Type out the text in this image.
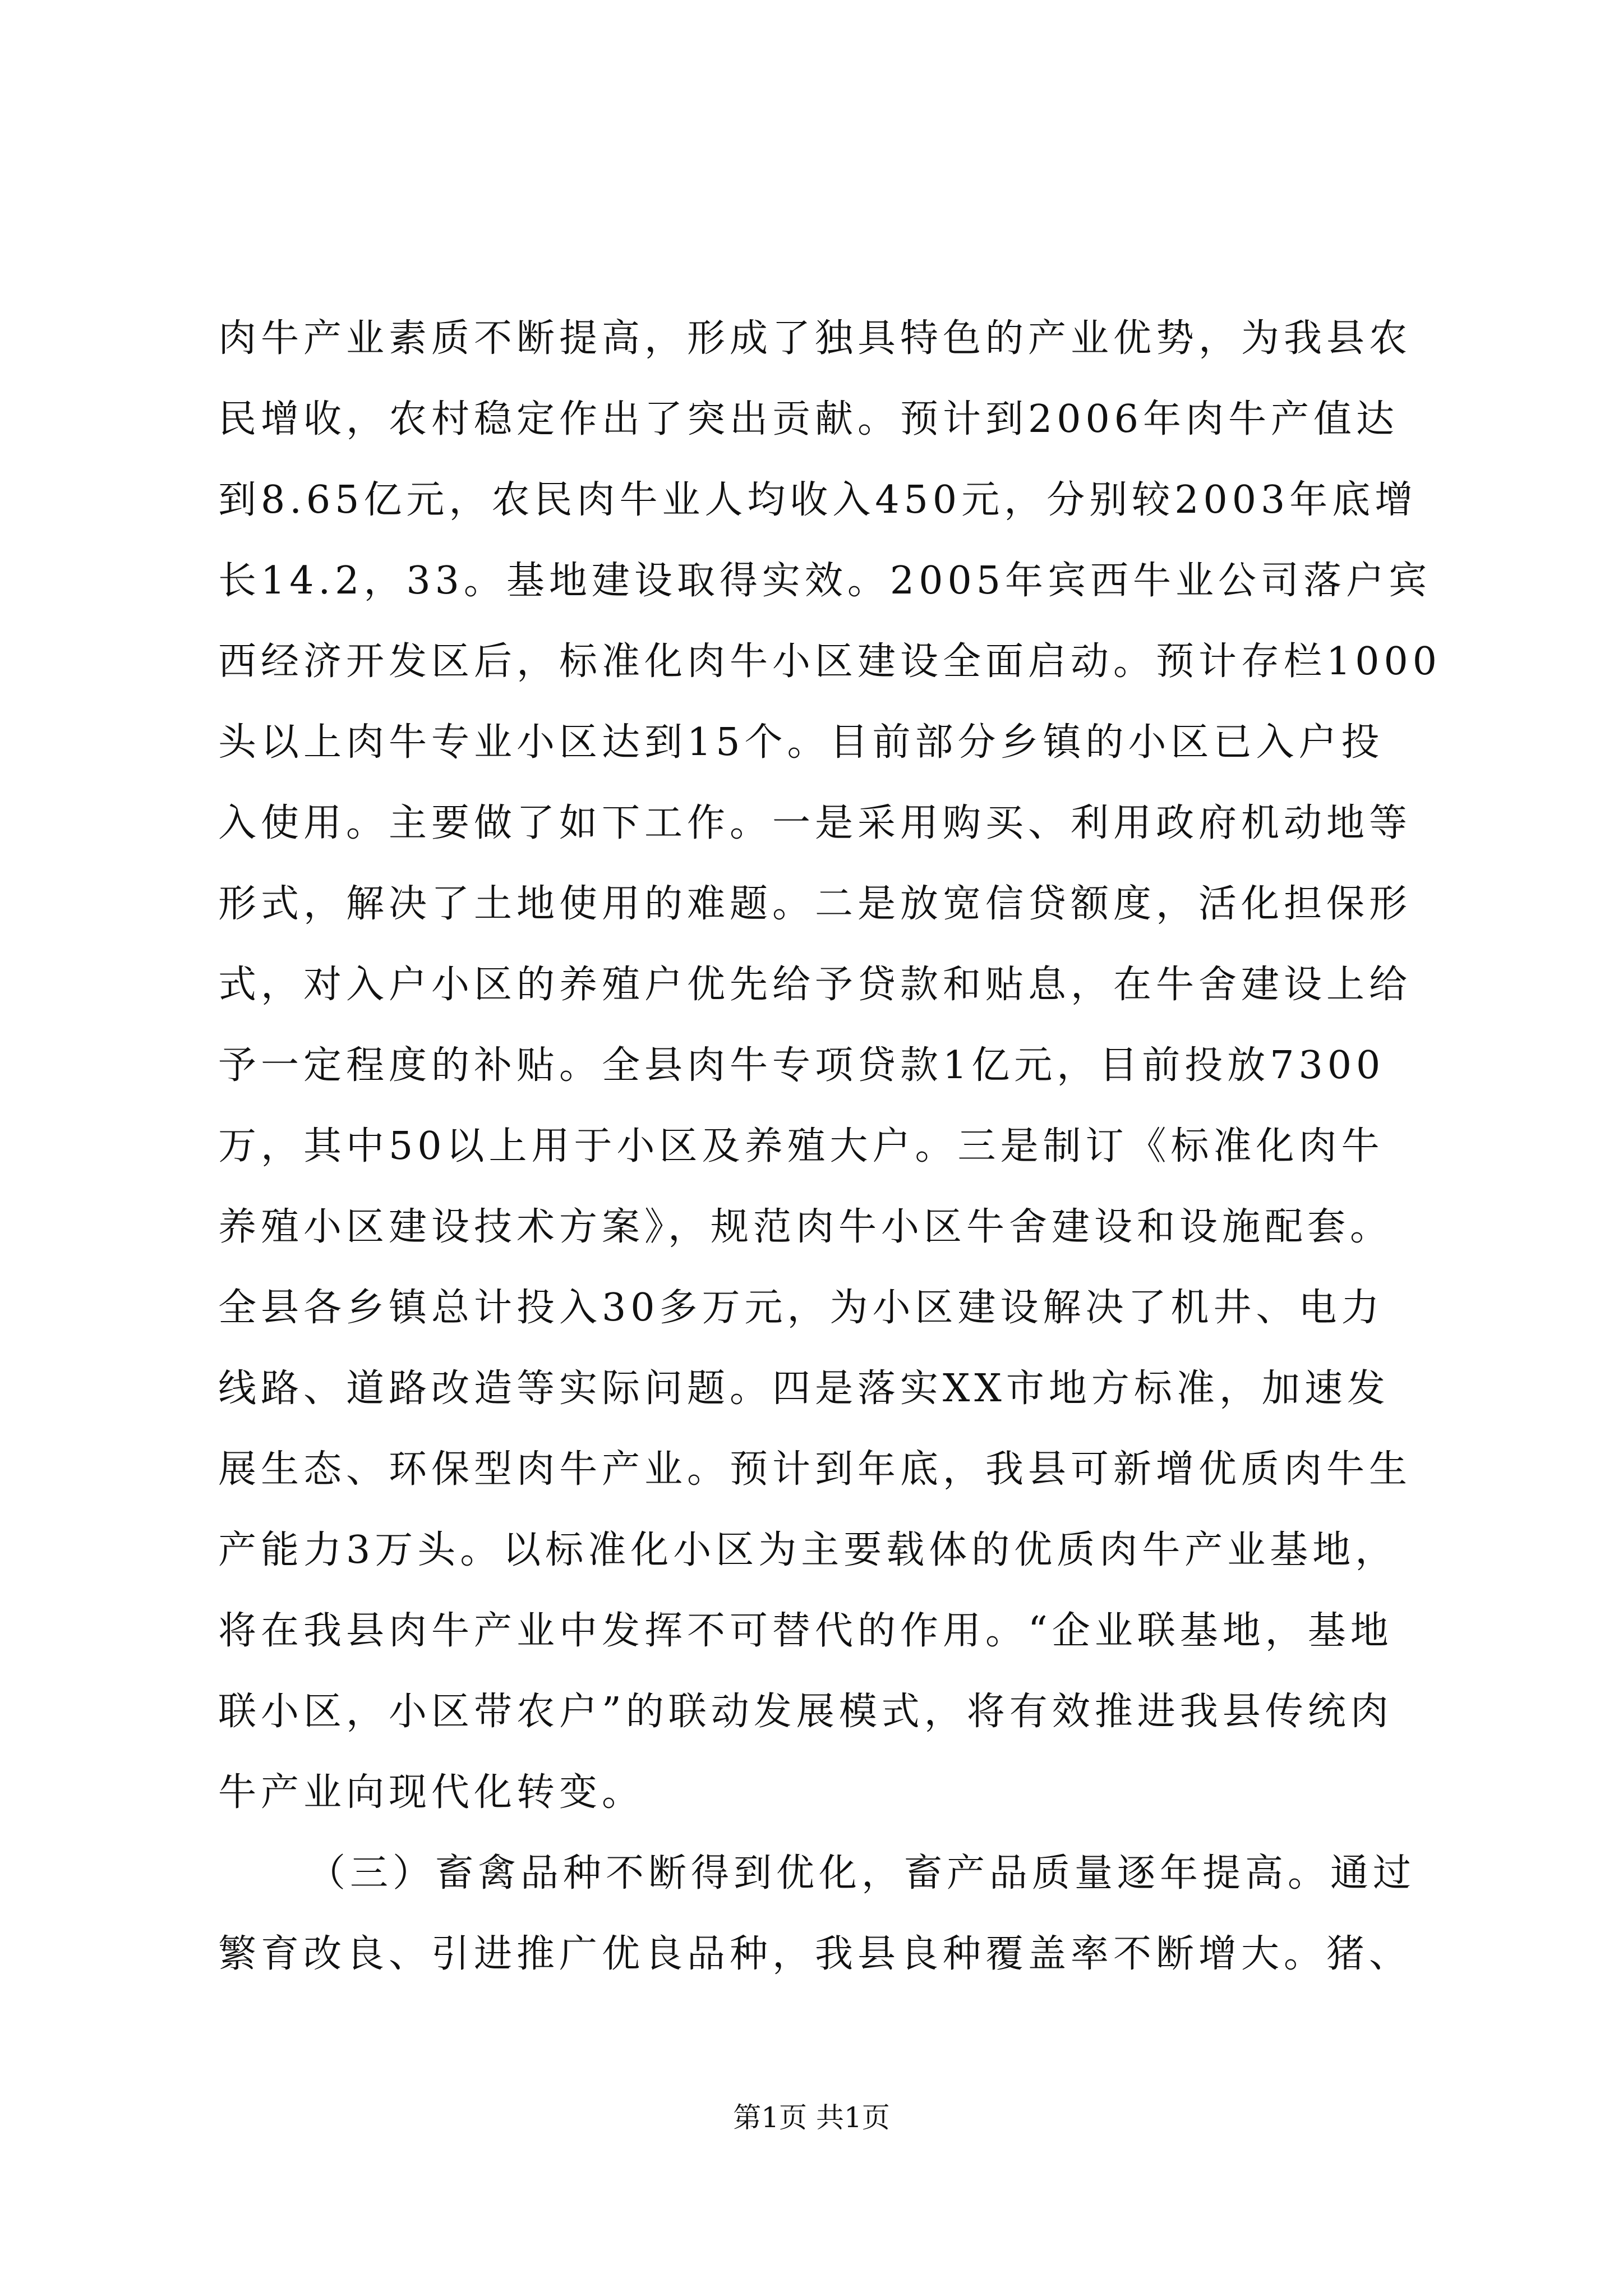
肉牛产业素质不断提高，形成了独具特色的产业优势，为我县农
民增收，农村稳定作出了突出贡献。预计到2006年肉牛产值达
到8.65亿元，农民肉牛业人均收入450元，分别较2003年底增
长14.2，33。基地建设取得实效。2005年宾西牛业公司落户宾
西经济开发区后，标准化肉牛小区建设全面启动。预计存栏1000
头以上肉牛专业小区达到15个。目前部分乡镇的小区已入户投
入使用。主要做了如下工作。一是采用购买、利用政府机动地等
形式，解决了土地使用的难题。二是放宽信贷额度，活化担保形
式，对入户小区的养殖户优先给予贷款和贴息，在牛舍建设上给
予一定程度的补贴。全县肉牛专项贷款1亿元，目前投放7300
万，其中50以上用于小区及养殖大户。三是制订《标准化肉牛
养殖小区建设技术方案》，规范肉牛小区牛舍建设和设施配套。
全县各乡镇总计投入30多万元，为小区建设解决了机井、电力
线路、道路改造等实际问题。四是落实XX市地方标准，加速发
展生态、环保型肉牛产业。预计到年底，我县可新增优质肉牛生
产能力3万头。以标准化小区为主要载体的优质肉牛产业基地，
将在我县肉牛产业中发挥不可替代的作用。“企业联基地，基地
联小区，小区带农户”的联动发展模式，将有效推进我县传统肉
牛产业向现代化转变。
（三）畜禽品种不断得到优化，畜产品质量逐年提高。通过
繁育改良、引进推广优良品种，我县良种覆盖率不断增大。猪、
第1页 共1页
